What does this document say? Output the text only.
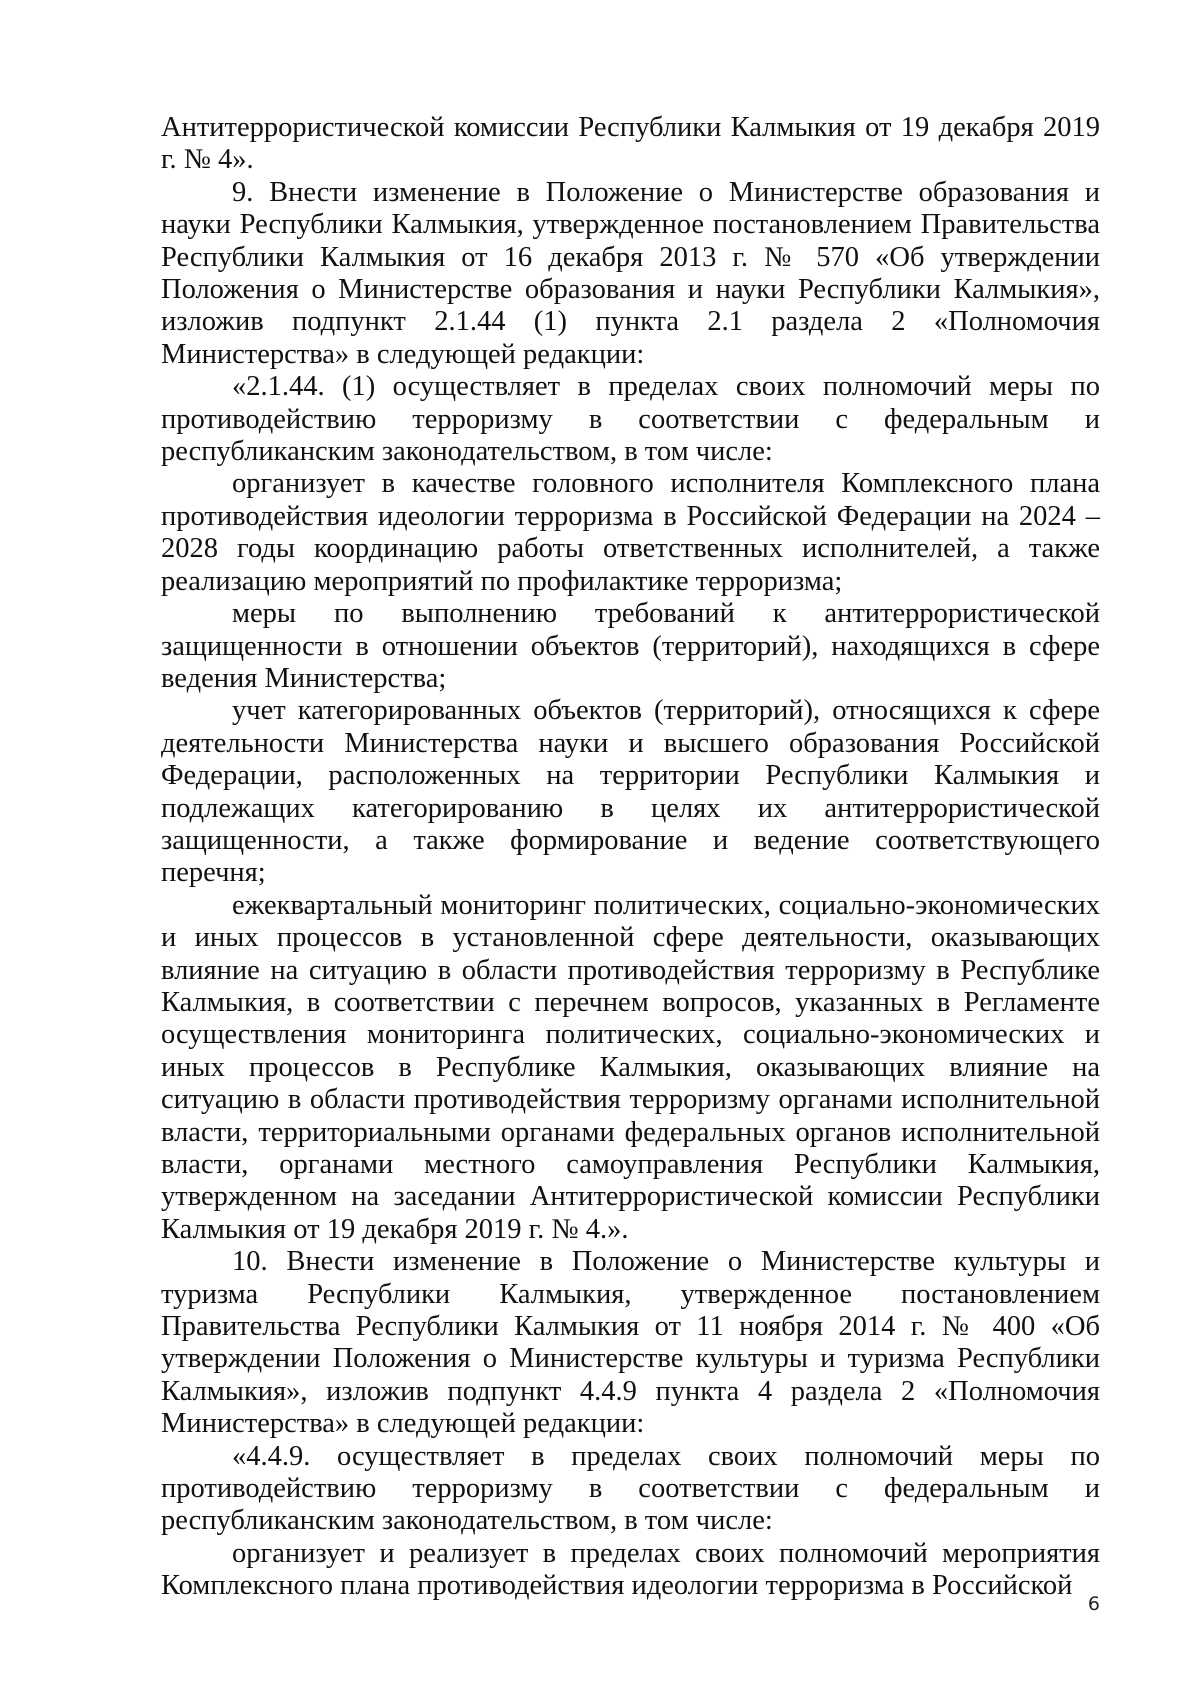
Антитеррористической комиссии Республики Калмыкия от 19 декабря 2019 г. № 4».

9. Внести изменение в Положение о Министерстве образования и науки Республики Калмыкия, утвержденное постановлением Правительства Республики Калмыкия от 16 декабря 2013 г. № 570 «Об утверждении Положения о Министерстве образования и науки Республики Калмыкия», изложив подпункт 2.1.44 (1) пункта 2.1 раздела 2 «Полномочия Министерства» в следующей редакции:

«2.1.44. (1) осуществляет в пределах своих полномочий меры по противодействию терроризму в соответствии с федеральным и республиканским законодательством, в том числе:

организует в качестве головного исполнителя Комплексного плана противодействия идеологии терроризма в Российской Федерации на 2024 – 2028 годы координацию работы ответственных исполнителей, а также реализацию мероприятий по профилактике терроризма;

меры по выполнению требований к антитеррористической защищенности в отношении объектов (территорий), находящихся в сфере ведения Министерства;

учет категорированных объектов (территорий), относящихся к сфере деятельности Министерства науки и высшего образования Российской Федерации, расположенных на территории Республики Калмыкия и подлежащих категорированию в целях их антитеррористической защищенности, а также формирование и ведение соответствующего перечня;

ежеквартальный мониторинг политических, социально-экономических и иных процессов в установленной сфере деятельности, оказывающих влияние на ситуацию в области противодействия терроризму в Республике Калмыкия, в соответствии с перечнем вопросов, указанных в Регламенте осуществления мониторинга политических, социально-экономических и иных процессов в Республике Калмыкия, оказывающих влияние на ситуацию в области противодействия терроризму органами исполнительной власти, территориальными органами федеральных органов исполнительной власти, органами местного самоуправления Республики Калмыкия, утвержденном на заседании Антитеррористической комиссии Республики Калмыкия от 19 декабря 2019 г. № 4.».

10. Внести изменение в Положение о Министерстве культуры и туризма Республики Калмыкия, утвержденное постановлением Правительства Республики Калмыкия от 11 ноября 2014 г. № 400 «Об утверждении Положения о Министерстве культуры и туризма Республики Калмыкия», изложив подпункт 4.4.9 пункта 4 раздела 2 «Полномочия Министерства» в следующей редакции:

«4.4.9. осуществляет в пределах своих полномочий меры по противодействию терроризму в соответствии с федеральным и республиканским законодательством, в том числе:

организует и реализует в пределах своих полномочий мероприятия Комплексного плана противодействия идеологии терроризма в Российской

6
